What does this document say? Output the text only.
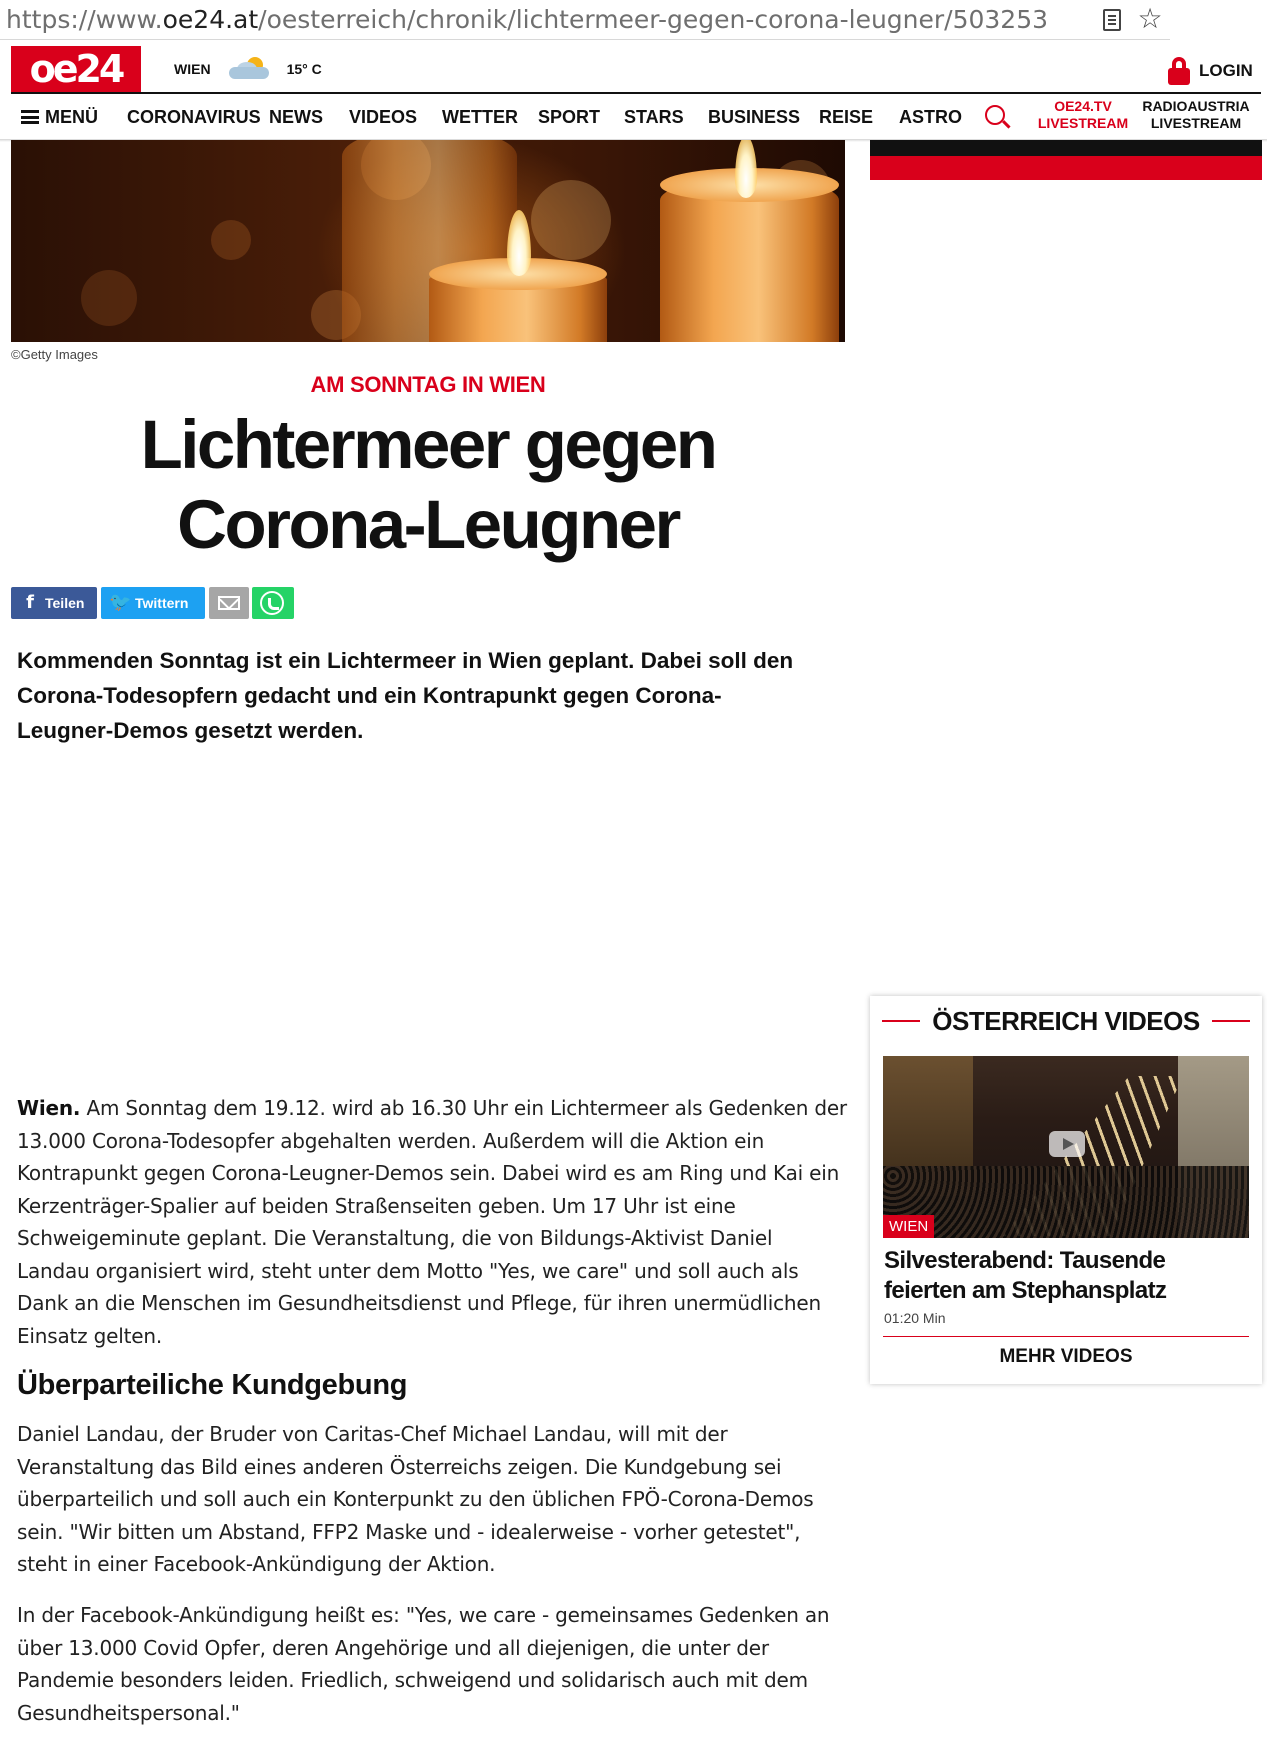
https://www.oe24.at/oesterreich/chronik/lichtermeer-gegen-corona-leugner/503253	☆
oe24	WIEN	15° C	LOGIN
MENÜ CORONAVIRUS NEWS VIDEOS WETTER SPORT STARS BUSINESS REISE ASTRO
OE24.TV
LIVESTREAM
RADIOAUSTRIA
LIVESTREAM
©Getty Images
AM SONNTAG IN WIEN
Lichtermeer gegen Corona-Leugner
f Teilen	🐦 Twittern

Kommenden Sonntag ist ein Lichtermeer in Wien geplant. Dabei soll den Corona-Todesopfern gedacht und ein Kontrapunkt gegen Corona-Leugner-Demos gesetzt werden.

Wien. Am Sonntag dem 19.12. wird ab 16.30 Uhr ein Lichtermeer als Gedenken der 13.000 Corona-Todesopfer abgehalten werden. Außerdem will die Aktion ein Kontrapunkt gegen Corona-Leugner-Demos sein. Dabei wird es am Ring und Kai ein Kerzenträger-Spalier auf beiden Straßenseiten geben. Um 17 Uhr ist eine Schweigeminute geplant. Die Veranstaltung, die von Bildungs-Aktivist Daniel Landau organisiert wird, steht unter dem Motto "Yes, we care" und soll auch als Dank an die Menschen im Gesundheitsdienst und Pflege, für ihren unermüdlichen Einsatz gelten.

Überparteiliche Kundgebung

Daniel Landau, der Bruder von Caritas-Chef Michael Landau, will mit der Veranstaltung das Bild eines anderen Österreichs zeigen. Die Kundgebung sei überparteilich und soll auch ein Konterpunkt zu den üblichen FPÖ-Corona-Demos sein. "Wir bitten um Abstand, FFP2 Maske und - idealerweise - vorher getestet", steht in einer Facebook-Ankündigung der Aktion.

In der Facebook-Ankündigung heißt es: "Yes, we care - gemeinsames Gedenken an über 13.000 Covid Opfer, deren Angehörige und all diejenigen, die unter der Pandemie besonders leiden. Friedlich, schweigend und solidarisch auch mit dem Gesundheitspersonal."

ÖSTERREICH VIDEOS
WIEN
Silvesterabend: Tausende feierten am Stephansplatz
01:20 Min
MEHR VIDEOS
